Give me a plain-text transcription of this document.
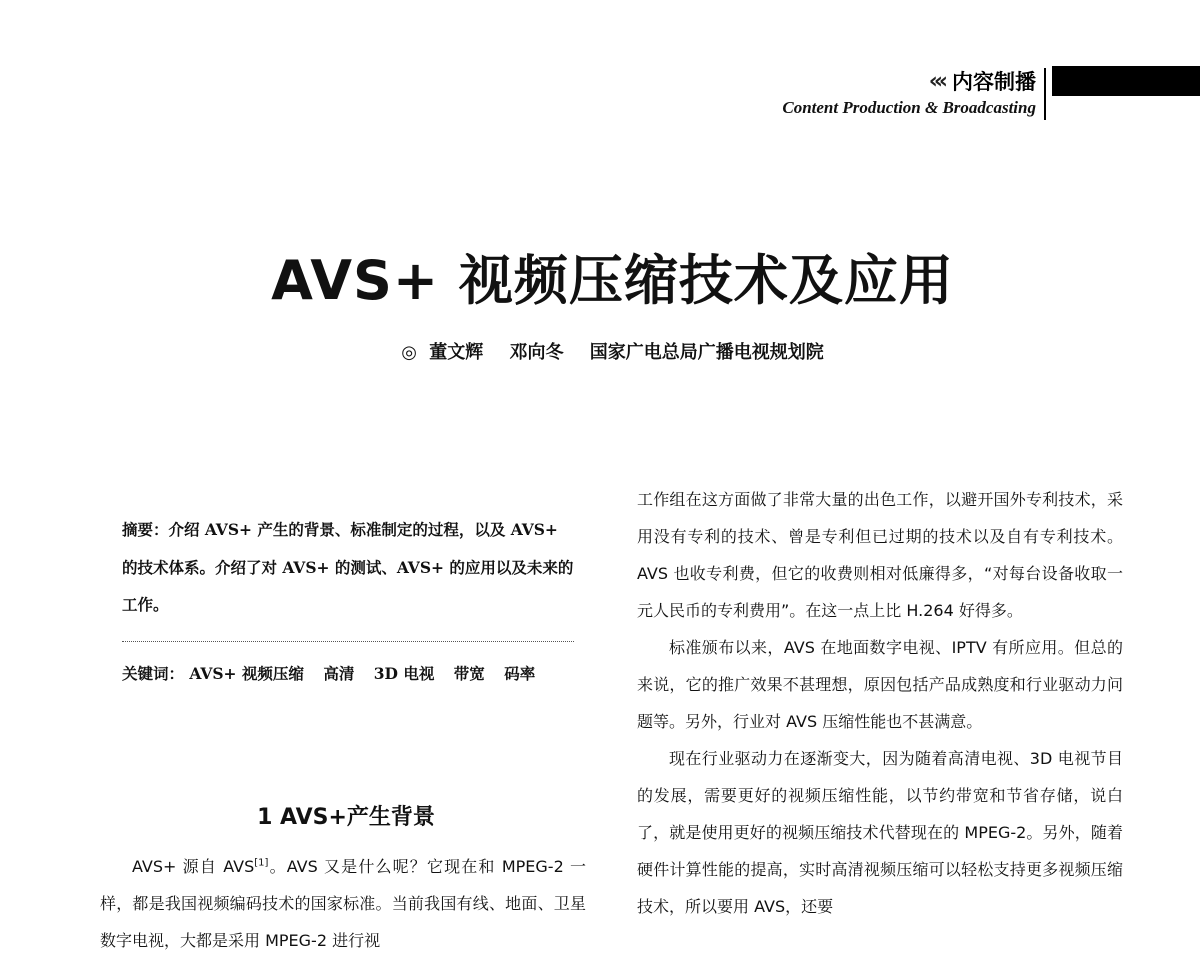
«‹ 内容制播
Content Production & Broadcasting
AVS+ 视频压缩技术及应用
◎ 董文辉 邓向冬 国家广电总局广播电视规划院
摘要：介绍 AVS+ 产生的背景、标准制定的过程，以及 AVS+ 的技术体系。介绍了对 AVS+ 的测试、AVS+ 的应用以及未来的工作。
关键词： AVS+ 视频压缩 高清 3D 电视 带宽 码率
1 AVS+产生背景

AVS+ 源自 AVS[1]。AVS 又是什么呢？它现在和 MPEG-2 一样，都是我国视频编码技术的国家标准。当前我国有线、地面、卫星数字电视，大都是采用 MPEG-2 进行视

工作组在这方面做了非常大量的出色工作，以避开国外专利技术，采用没有专利的技术、曾是专利但已过期的技术以及自有专利技术。AVS 也收专利费，但它的收费则相对低廉得多，“对每台设备收取一元人民币的专利费用”。在这一点上比 H.264 好得多。

标准颁布以来，AVS 在地面数字电视、IPTV 有所应用。但总的来说，它的推广效果不甚理想，原因包括产品成熟度和行业驱动力问题等。另外，行业对 AVS 压缩性能也不甚满意。

现在行业驱动力在逐渐变大，因为随着高清电视、3D 电视节目的发展，需要更好的视频压缩性能，以节约带宽和节省存储，说白了，就是使用更好的视频压缩技术代替现在的 MPEG-2。另外，随着硬件计算性能的提高，实时高清视频压缩可以轻松支持更多视频压缩技术，所以要用 AVS，还要
